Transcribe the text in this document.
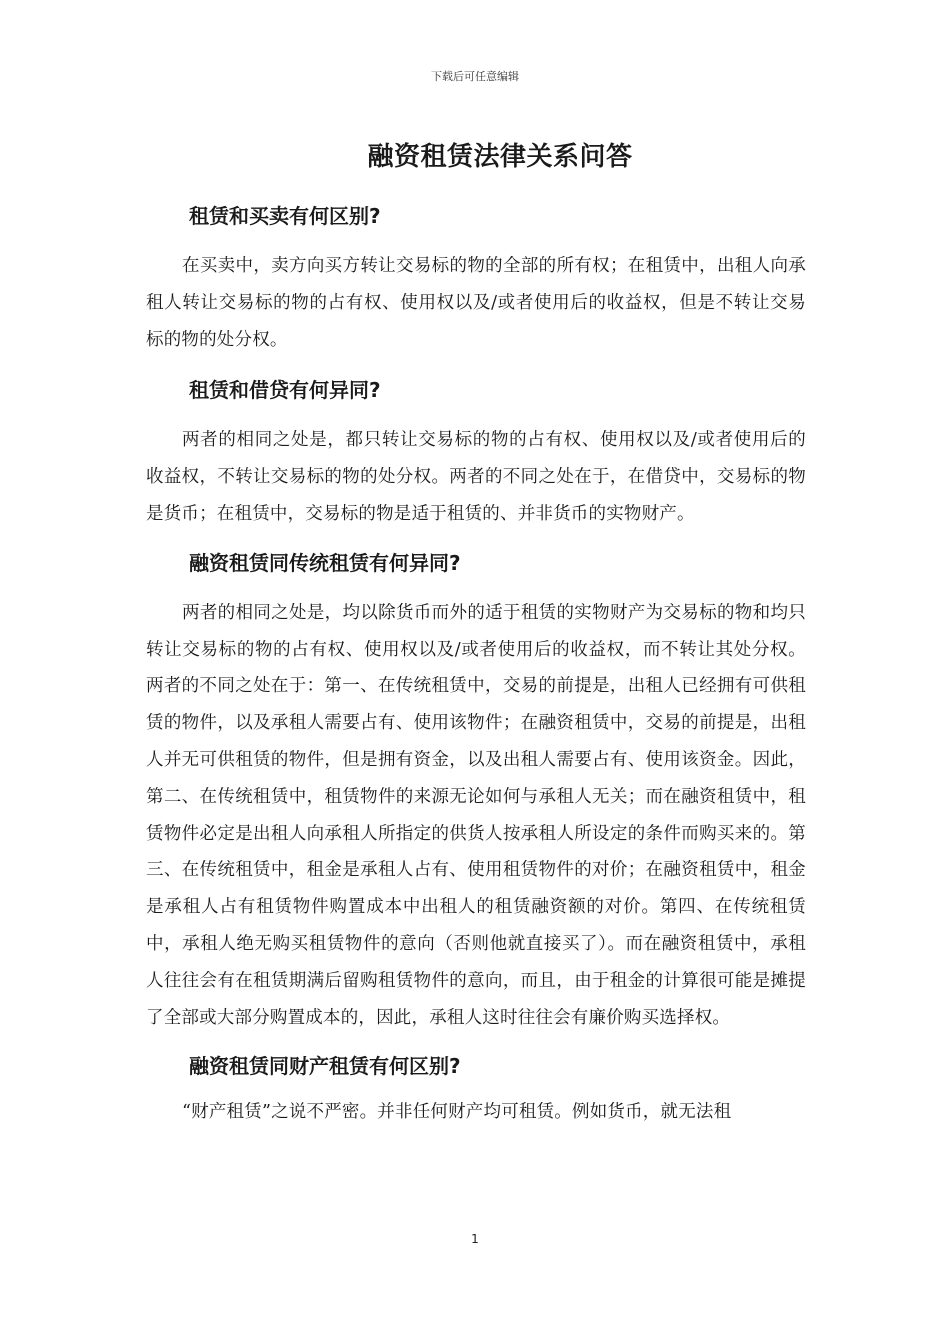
下载后可任意编辑
融资租赁法律关系问答
租赁和买卖有何区别?

在买卖中，卖方向买方转让交易标的物的全部的所有权；在租赁中，出租人向承租人转让交易标的物的占有权、使用权以及/或者使用后的收益权，但是不转让交易标的物的处分权。

租赁和借贷有何异同?

两者的相同之处是，都只转让交易标的物的占有权、使用权以及/或者使用后的收益权，不转让交易标的物的处分权。两者的不同之处在于，在借贷中，交易标的物是货币；在租赁中，交易标的物是适于租赁的、并非货币的实物财产。

融资租赁同传统租赁有何异同?

两者的相同之处是，均以除货币而外的适于租赁的实物财产为交易标的物和均只转让交易标的物的占有权、使用权以及/或者使用后的收益权，而不转让其处分权。两者的不同之处在于：第一、在传统租赁中，交易的前提是，出租人已经拥有可供租赁的物件，以及承租人需要占有、使用该物件；在融资租赁中，交易的前提是，出租人并无可供租赁的物件，但是拥有资金，以及出租人需要占有、使用该资金。因此，第二、在传统租赁中，租赁物件的来源无论如何与承租人无关；而在融资租赁中，租赁物件必定是出租人向承租人所指定的供货人按承租人所设定的条件而购买来的。第三、在传统租赁中，租金是承租人占有、使用租赁物件的对价；在融资租赁中，租金是承租人占有租赁物件购置成本中出租人的租赁融资额的对价。第四、在传统租赁中，承租人绝无购买租赁物件的意向（否则他就直接买了）。而在融资租赁中，承租人往往会有在租赁期满后留购租赁物件的意向，而且，由于租金的计算很可能是摊提了全部或大部分购置成本的，因此，承租人这时往往会有廉价购买选择权。

融资租赁同财产租赁有何区别?

“财产租赁”之说不严密。并非任何财产均可租赁。例如货币，就无法租

1
